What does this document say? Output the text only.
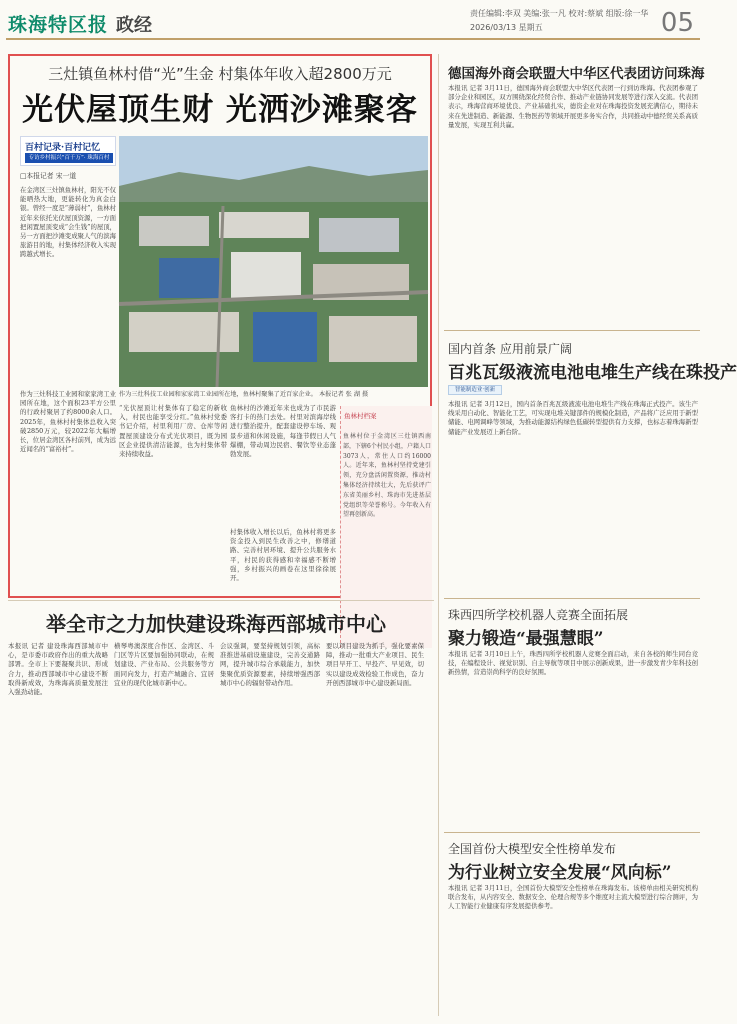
珠海特区报 政经
责任编辑:李双 美编:张一凡 校对:蔡斌 组版:徐一华
2026/03/13 星期五	05
三灶镇鱼林村借“光”生金 村集体年收入超2800万元
光伏屋顶生财 光洒沙滩聚客
百村记录·百村记忆
专访乡村振兴“百千万”· 珠海百村
□本报记者 宋一道
在金湾区三灶镇鱼林村，阳光不仅能晒热大地，更能转化为真金白银。曾经一度是“薄弱村”，鱼林村近年来依托光伏屋顶资源，一方面把闲置屋顶变成“会生钱”的屋顶，另一方面把沙滩变成聚人气的滨海旅游目的地，村集体经济收入实现跨越式增长。
作为三灶科技工业园和家家湾工业园所在地，这个面积23平方公里的行政村聚居了约8000余人口。2025年，鱼林村村集体总收入突破2850万元，较2022年大幅增长，位居金湾区各村前列，成为远近闻名的“富裕村”。
作为三灶科技工业园和家家湾工业园所在地，鱼林村聚集了近百家企业。 本报记者 张 湖 摄
“光伏屋顶让村集体有了稳定的新收入，村民也能享受分红。”鱼林村党委书记介绍，村里利用厂房、仓库等闲置屋顶建设分布式光伏项目，既为园区企业提供清洁能源，也为村集体带来持续收益。
鱼林村的沙滩近年来也成为了市民游客打卡的热门去处。村里对滨海岸线进行整治提升，配套建设停车场、观景步道和休闲设施，每逢节假日人气爆棚，带动周边民宿、餐饮等业态蓬勃发展。
村集体收入增长以后，鱼林村将更多资金投入到民生改善之中，修缮道路、完善村居环境、提升公共服务水平，村民的获得感和幸福感不断增强，乡村振兴的画卷在这里徐徐展开。
鱼林村档案
鱼林村位于金湾区三灶镇西南部，下辖6个村民小组，户籍人口3073人，常住人口约16000人。近年来，鱼林村坚持党建引领，充分盘活闲置资源，推动村集体经济持续壮大，先后获评广东省美丽乡村、珠海市先进基层党组织等荣誉称号。今年收入有望再创新高。
举全市之力加快建设珠海西部城市中心
本报讯 记者 建设珠海西部城市中心，是市委市政府作出的重大战略部署。全市上下要凝聚共识、形成合力，推动西部城市中心建设不断取得新成效，为珠海高质量发展注入强劲动能。
横琴粤澳深度合作区、金湾区、斗门区等片区要加强协同联动，在规划建设、产业布局、公共服务等方面同向发力，打造产城融合、宜居宜业的现代化城市新中心。
会议强调，要坚持规划引领，高标准推进基础设施建设，完善交通路网，提升城市综合承载能力，加快集聚优质资源要素，持续增强西部城市中心的辐射带动作用。
要以项目建设为抓手，强化要素保障，推动一批重大产业项目、民生项目早开工、早投产、早见效，切实以建设成效检验工作成色，奋力开创西部城市中心建设新局面。
德国海外商会联盟大中华区代表团访问珠海
本报讯 记者 3月11日，德国海外商会联盟大中华区代表团一行到访珠海。代表团参观了部分企业和园区，双方围绕深化经贸合作、推动产业链协同发展等进行深入交流。代表团表示，珠海营商环境优良、产业基础扎实，德资企业对在珠海投资发展充满信心，期待未来在先进制造、新能源、生物医药等领域开展更多务实合作，共同推动中德经贸关系高质量发展，实现互利共赢。
国内首条 应用前景广阔
百兆瓦级液流电池电堆生产线在珠投产
智能制造业·创新
本报讯 记者 3月12日，国内首条百兆瓦级液流电池电堆生产线在珠海正式投产。该生产线采用自动化、智能化工艺，可实现电堆关键部件的规模化制造，产品将广泛应用于新型储能、电网调峰等领域，为推动能源结构绿色低碳转型提供有力支撑，也标志着珠海新型储能产业发展迈上新台阶。
珠西四所学校机器人竞赛全面拓展
聚力锻造“最强慧眼”
本报讯 记者 3月10日上午，珠西四所学校机器人竞赛全面启动，来自各校的师生同台竞技，在编程设计、视觉识别、自主导航等项目中展示创新成果，进一步激发青少年科技创新热情，营造崇尚科学的良好氛围。
全国首份大模型安全性榜单发布
为行业树立安全发展“风向标”
本报讯 记者 3月11日，全国首份大模型安全性榜单在珠海发布。该榜单由相关研究机构联合发布，从内容安全、数据安全、伦理合规等多个维度对主流大模型进行综合测评，为人工智能行业健康有序发展提供参考。
